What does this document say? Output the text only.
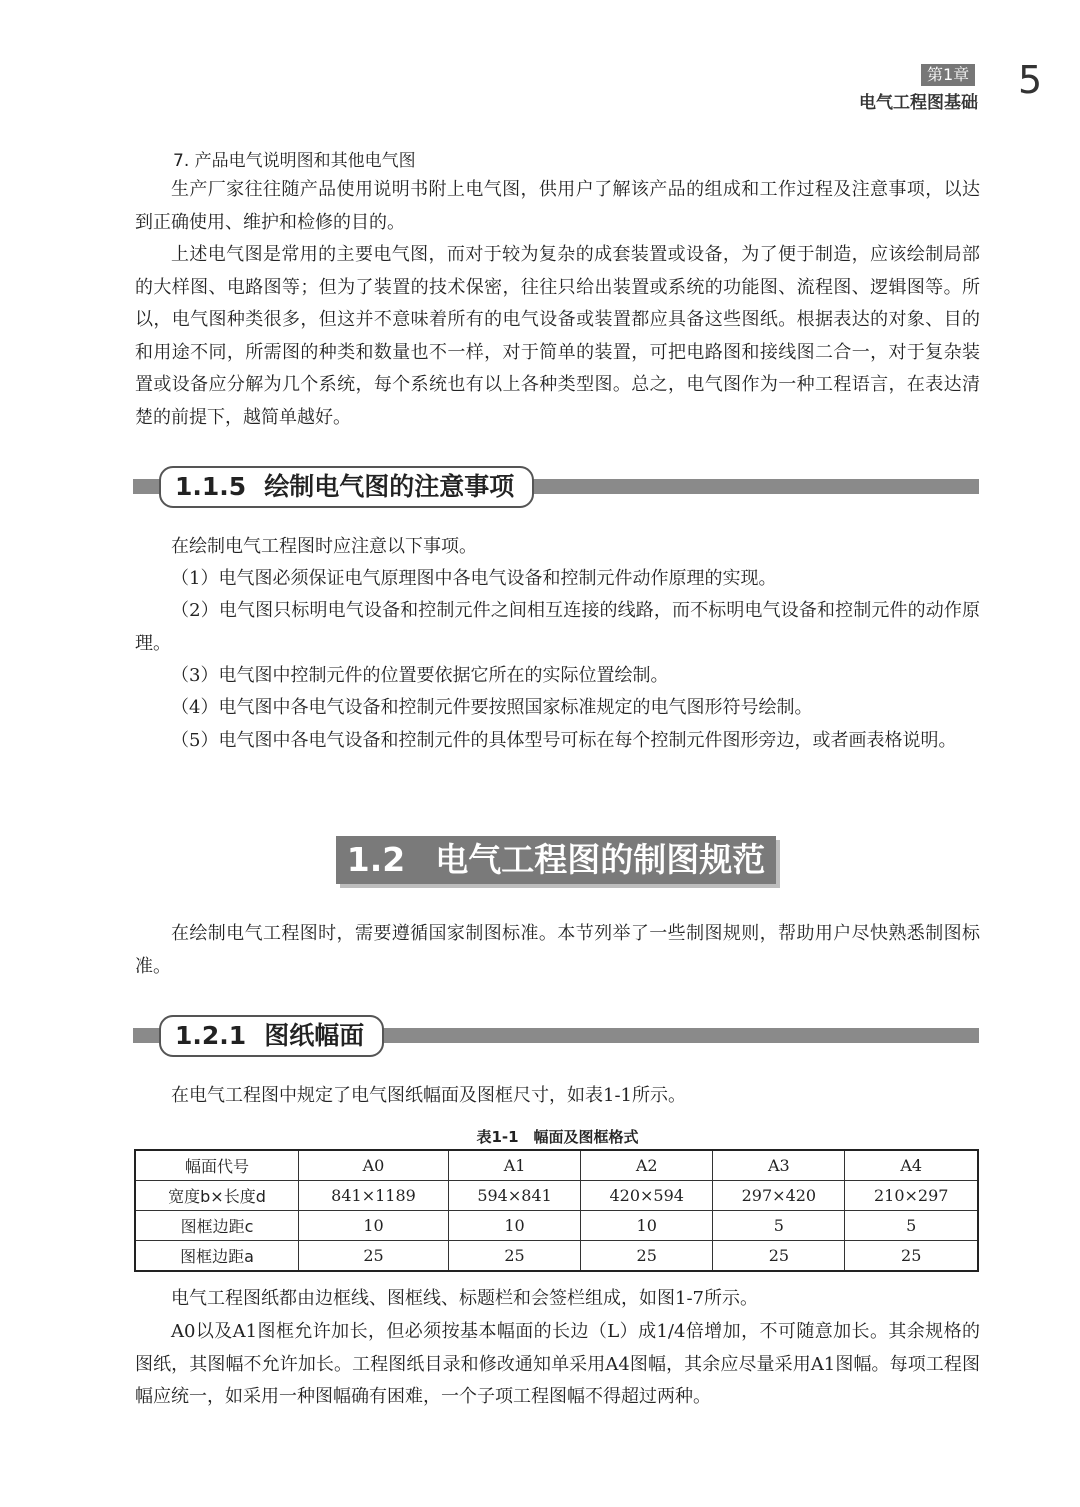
第1章
电气工程图基础
5
7. 产品电气说明图和其他电气图

生产厂家往往随产品使用说明书附上电气图，供用户了解该产品的组成和工作过程及注意事项，以达到正确使用、维护和检修的目的。

上述电气图是常用的主要电气图，而对于较为复杂的成套装置或设备，为了便于制造，应该绘制局部的大样图、电路图等；但为了装置的技术保密，往往只给出装置或系统的功能图、流程图、逻辑图等。所以，电气图种类很多，但这并不意味着所有的电气设备或装置都应具备这些图纸。根据表达的对象、目的和用途不同，所需图的种类和数量也不一样，对于简单的装置，可把电路图和接线图二合一，对于复杂装置或设备应分解为几个系统，每个系统也有以上各种类型图。总之，电气图作为一种工程语言，在表达清楚的前提下，越简单越好。

1.1.5 绘制电气图的注意事项

在绘制电气工程图时应注意以下事项。

（1）电气图必须保证电气原理图中各电气设备和控制元件动作原理的实现。

（2）电气图只标明电气设备和控制元件之间相互连接的线路，而不标明电气设备和控制元件的动作原理。

（3）电气图中控制元件的位置要依据它所在的实际位置绘制。

（4）电气图中各电气设备和控制元件要按照国家标准规定的电气图形符号绘制。

（5）电气图中各电气设备和控制元件的具体型号可标在每个控制元件图形旁边，或者画表格说明。

1.2 电气工程图的制图规范

在绘制电气工程图时，需要遵循国家制图标准。本节列举了一些制图规则，帮助用户尽快熟悉制图标准。

1.2.1 图纸幅面

在电气工程图中规定了电气图纸幅面及图框尺寸，如表1-1所示。

表1-1　幅面及图框格式
幅面代号	A0	A1	A2	A3	A4
宽度b×长度d	841×1189	594×841	420×594	297×420	210×297
图框边距c	10	10	10	5	5
图框边距a	25	25	25	25	25

电气工程图纸都由边框线、图框线、标题栏和会签栏组成，如图1-7所示。

A0以及A1图框允许加长，但必须按基本幅面的长边（L）成1/4倍增加，不可随意加长。其余规格的图纸，其图幅不允许加长。工程图纸目录和修改通知单采用A4图幅，其余应尽量采用A1图幅。每项工程图幅应统一，如采用一种图幅确有困难，一个子项工程图幅不得超过两种。
